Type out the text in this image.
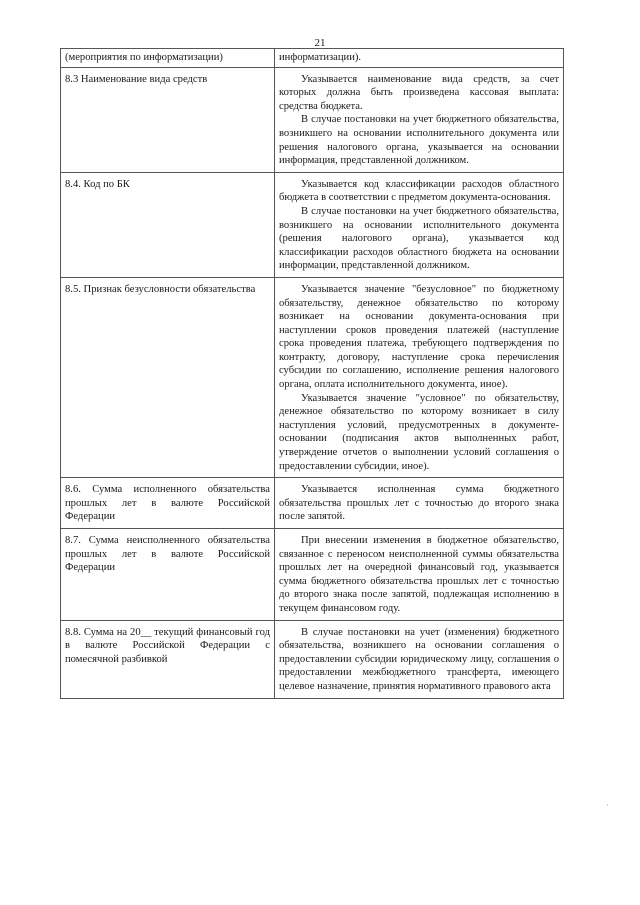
21
(мероприятия по информатизации)	информатизации).

8.3 Наименование вида средств	Указывается наименование вида средств, за счет которых должна быть произведена кассовая выплата: средства бюджета.

В случае постановки на учет бюджетного обязательства, возникшего на основании исполнительного документа или решения налогового органа, указывается на основании информация, представленной должником.

8.4. Код по БК	Указывается код классификации расходов областного бюджета в соответствии с предметом документа-основания.

В случае постановки на учет бюджетного обязательства, возникшего на основании исполнительного документа (решения налогового органа), указывается код классификации расходов областного бюджета на основании информации, представленной должником.

8.5. Признак безусловности обязательства	Указывается значение "безусловное" по бюджетному обязательству, денежное обязательство по которому возникает на основании документа-основания при наступлении сроков проведения платежей (наступление срока проведения платежа, требующего подтверждения по контракту, договору, наступление срока перечисления субсидии по соглашению, исполнение решения налогового органа, оплата исполнительного документа, иное).

Указывается значение "условное" по обязательству, денежное обязательство по которому возникает в силу наступления условий, предусмотренных в документе-основании (подписания актов выполненных работ, утверждение отчетов о выполнении условий соглашения о предоставлении субсидии, иное).

8.6. Сумма исполненного обязательства прошлых лет в валюте Российской Федерации	Указывается исполненная сумма бюджетного обязательства прошлых лет с точностью до второго знака после запятой.

8.7. Сумма неисполненного обязательства прошлых лет в валюте Российской Федерации	При внесении изменения в бюджетное обязательство, связанное с переносом неисполненной суммы обязательства прошлых лет на очередной финансовый год, указывается сумма бюджетного обязательства прошлых лет с точностью до второго знака после запятой, подлежащая исполнению в текущем финансовом году.

8.8. Сумма на 20__ текущий финансовый год в валюте Российской Федерации с помесячной разбивкой	В случае постановки на учет (изменения) бюджетного обязательства, возникшего на основании соглашения о предоставлении субсидии юридическому лицу, соглашения о предоставлении межбюджетного трансферта, имеющего целевое назначение, принятия нормативного правового акта

·
